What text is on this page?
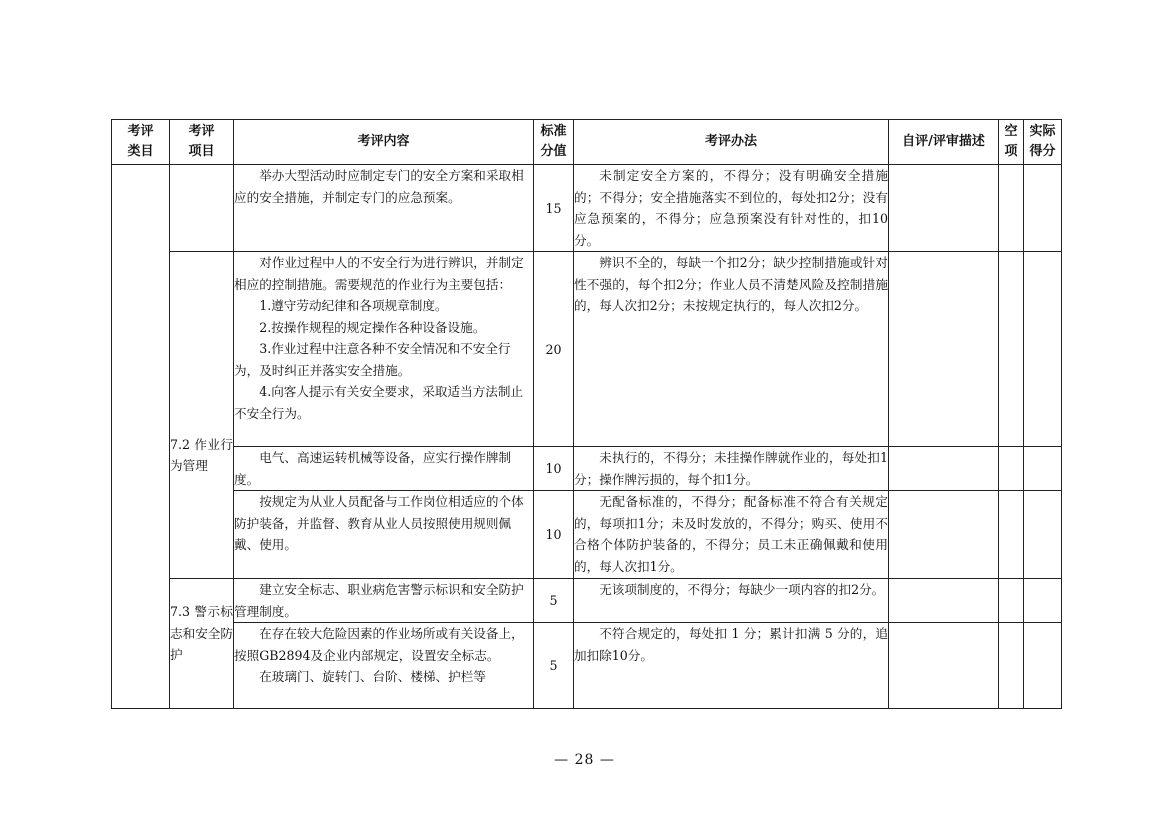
考评类目	考评项目	考评内容	标准分值	考评办法	自评/评审描述	空项	实际得分
		举办大型活动时应制定专门的安全方案和采取相应的安全措施，并制定专门的应急预案。	15	未制定安全方案的，不得分；没有明确安全措施的；不得分；安全措施落实不到位的，每处扣2分；没有应急预案的，不得分；应急预案没有针对性的，扣10分。			
	7.2 作业行为管理	对作业过程中人的不安全行为进行辨识，并制定相应的控制措施。需要规范的作业行为主要包括：
1.遵守劳动纪律和各项规章制度。
2.按操作规程的规定操作各种设备设施。
3.作业过程中注意各种不安全情况和不安全行为，及时纠正并落实安全措施。
4.向客人提示有关安全要求，采取适当方法制止不安全行为。	20	辨识不全的，每缺一个扣2分；缺少控制措施或针对性不强的，每个扣2分；作业人员不清楚风险及控制措施的，每人次扣2分；未按规定执行的，每人次扣2分。			
		电气、高速运转机械等设备，应实行操作牌制度。	10	未执行的，不得分；未挂操作牌就作业的，每处扣1分；操作牌污损的，每个扣1分。			
		按规定为从业人员配备与工作岗位相适应的个体防护装备，并监督、教育从业人员按照使用规则佩戴、使用。	10	无配备标准的，不得分；配备标准不符合有关规定的，每项扣1分；未及时发放的，不得分；购买、使用不合格个体防护装备的，不得分；员工未正确佩戴和使用的，每人次扣1分。			
	7.3 警示标志和安全防护	建立安全标志、职业病危害警示标识和安全防护管理制度。	5	无该项制度的，不得分；每缺少一项内容的扣2分。			

		在存在较大危险因素的作业场所或有关设备上，按照GB2894及企业内部规定，设置安全标志。
在玻璃门、旋转门、台阶、楼梯、护栏等	5	不符合规定的，每处扣 1 分；累计扣满 5 分的，追加扣除10分。			
— 28 —
